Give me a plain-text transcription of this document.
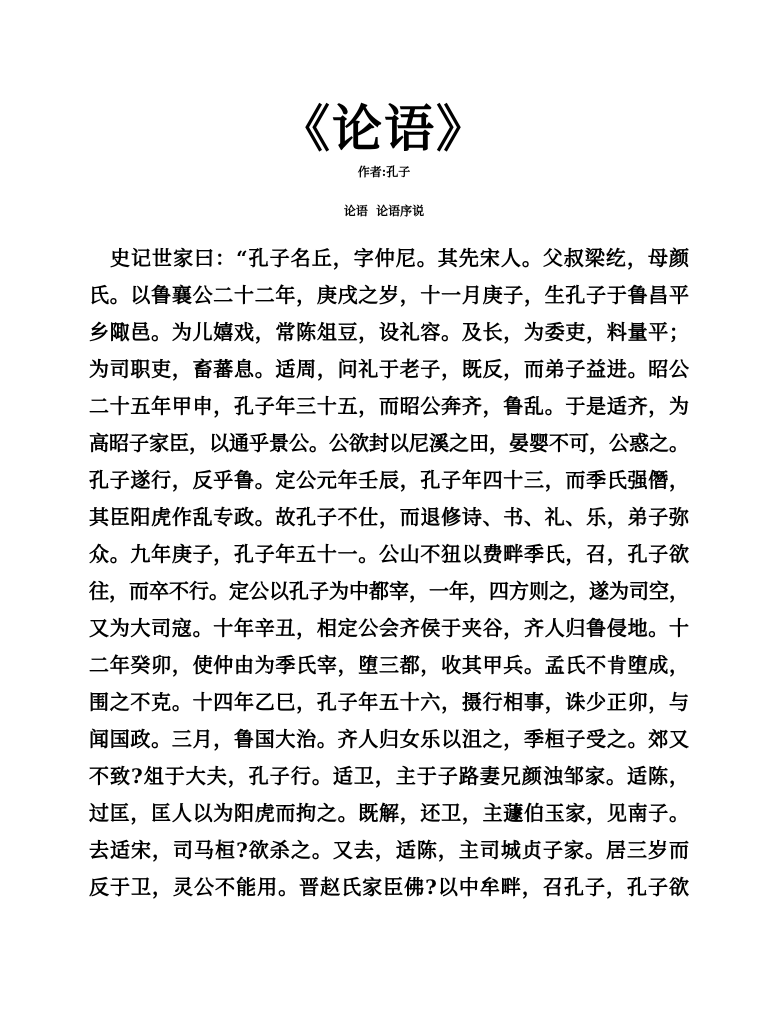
《论语》
作者:孔子
论语  论语序说
　史记世家曰：“孔子名丘，字仲尼。其先宋人。父叔梁纥，母颜
氏。以鲁襄公二十二年，庚戌之岁，十一月庚子，生孔子于鲁昌平
乡陬邑。为儿嬉戏，常陈俎豆，设礼容。及长，为委吏，料量平；
为司职吏，畜蕃息。适周，问礼于老子，既反，而弟子益进。昭公
二十五年甲申，孔子年三十五，而昭公奔齐，鲁乱。于是适齐，为
高昭子家臣，以通乎景公。公欲封以尼溪之田，晏婴不可，公惑之。
孔子遂行，反乎鲁。定公元年壬辰，孔子年四十三，而季氏强僭，
其臣阳虎作乱专政。故孔子不仕，而退修诗、书、礼、乐，弟子弥
众。九年庚子，孔子年五十一。公山不狃以费畔季氏，召，孔子欲
往，而卒不行。定公以孔子为中都宰，一年，四方则之，遂为司空，
又为大司寇。十年辛丑，相定公会齐侯于夹谷，齐人归鲁侵地。十
二年癸卯，使仲由为季氏宰，堕三都，收其甲兵。孟氏不肯堕成，
围之不克。十四年乙巳，孔子年五十六，摄行相事，诛少正卯，与
闻国政。三月，鲁国大治。齐人归女乐以沮之，季桓子受之。郊又
不致?俎于大夫，孔子行。适卫，主于子路妻兄颜浊邹家。适陈，
过匡，匡人以为阳虎而拘之。既解，还卫，主蘧伯玉家，见南子。
去适宋，司马桓?欲杀之。又去，适陈，主司城贞子家。居三岁而
反于卫，灵公不能用。晋赵氏家臣佛?以中牟畔，召孔子，孔子欲
